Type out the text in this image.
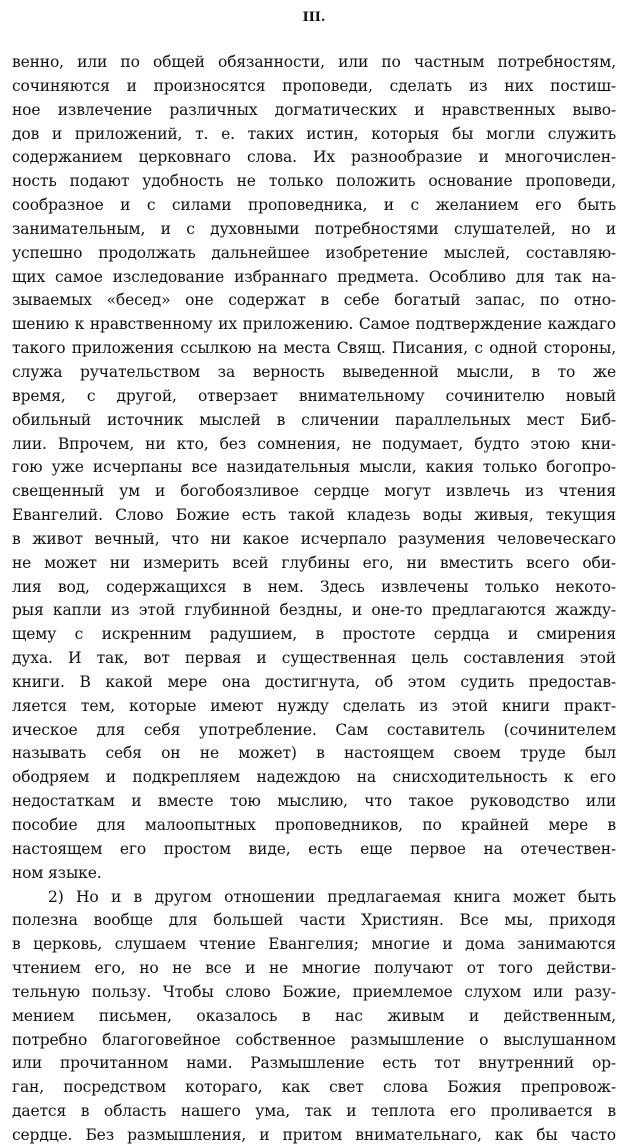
III.
венно, или по общей обязанности, или по частным потребностям,
сочиняются и произносятся проповеди, сделать из них постиш-
ное извлечение различных догматических и нравственных выво-
дов и приложений, т. е. таких истин, которыя бы могли служить
содержанием церковнаго слова. Их разнообразие и многочислен-
ность подают удобность не только положить основание проповеди,
сообразное и с силами проповедника, и с желанием его быть
занимательным, и с духовными потребностями слушателей, но и
успешно продолжать дальнейшее изобретение мыслей, составляю-
щих самое изследование избраннаго предмета. Особливо для так на-
зываемых «бесед» оне содержат в себе богатый запас, по отно-
шению к нравственному их приложению. Самое подтверждение каждаго
такого приложения ссылкою на места Свящ. Писания, с одной стороны,
служа ручательством за верность выведенной мысли, в то же
время, с другой, отверзает внимательному сочинителю новый
обильный источник мыслей в сличении параллельных мест Биб-
лии. Впрочем, ни кто, без сомнения, не подумает, будто этою кни-
гою уже исчерпаны все назидательныя мысли, какия только богопро-
свещенный ум и богобоязливое сердце могут извлечь из чтения
Евангелий. Слово Божие есть такой кладезь воды живыя, текущия
в живот вечный, что ни какое исчерпало разумения человеческаго
не может ни измерить всей глубины его, ни вместить всего оби-
лия вод, содержащихся в нем. Здесь извлечены только некото-
рыя капли из этой глубинной бездны, и оне-то предлагаются жажду-
щему с искренним радушием, в простоте сердца и смирения
духа. И так, вот первая и существенная цель составления этой
книги. В какой мере она достигнута, об этом судить предостав-
ляется тем, которые имеют нужду сделать из этой книги практ-
ическое для себя употребление. Сам составитель (сочинителем
называть себя он не может) в настоящем своем труде был
ободряем и подкрепляем надеждою на снисходительность к его
недостаткам и вместе тою мыслию, что такое руководство или
пособие для малоопытных проповедников, по крайней мере в
настоящем его простом виде, есть еще первое на отечествен-
ном языке.
2) Но и в другом отношении предлагаемая книга может быть
полезна вообще для большей части Християн. Все мы, приходя
в церковь, слушаем чтение Евангелия; многие и дома занимаются
чтением его, но не все и не многие получают от того действи-
тельную пользу. Чтобы слово Божие, приемлемое слухом или разу-
мением письмен, оказалось в нас живым и действенным,
потребно благоговейное собственное размышление о выслушанном
или прочитанном нами. Размышление есть тот внутренний ор-
ган, посредством котораго, как свет слова Божия препровож-
дается в область нашего ума, так и теплота его проливается в
сердце. Без размышления, и притом внимательнаго, как бы часто
